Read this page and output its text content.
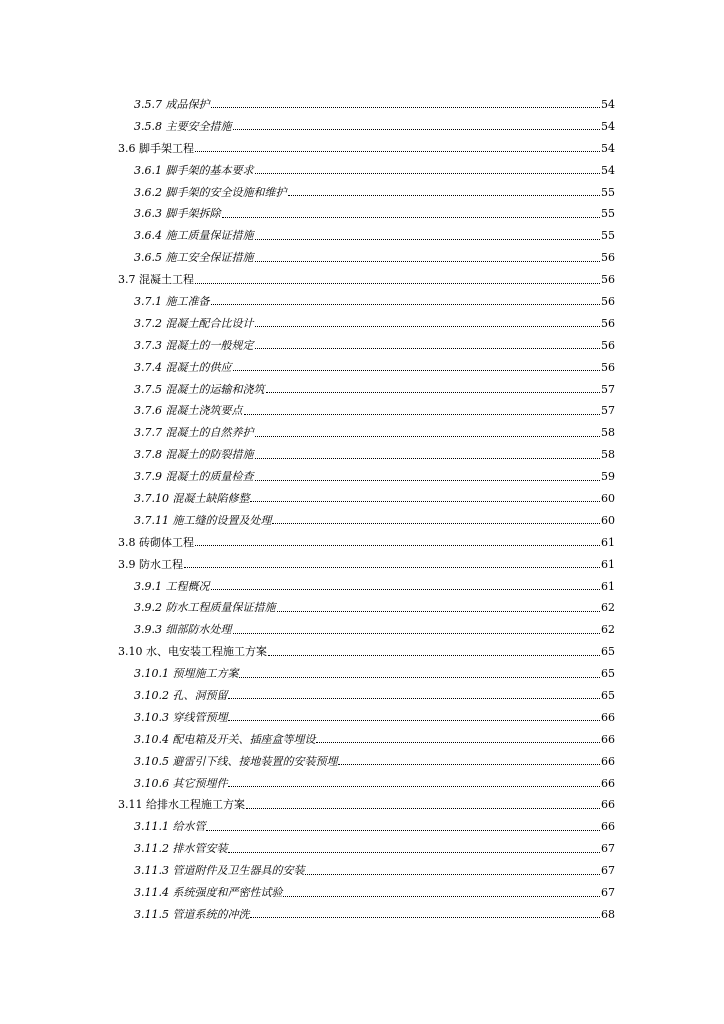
3.5.7 成品保护	54
3.5.8 主要安全措施	54
3.6 脚手架工程	54
3.6.1 脚手架的基本要求	54
3.6.2 脚手架的安全设施和维护	55
3.6.3 脚手架拆除	55
3.6.4 施工质量保证措施	55
3.6.5 施工安全保证措施	56
3.7 混凝土工程	56
3.7.1 施工准备	56
3.7.2 混凝土配合比设计	56
3.7.3 混凝土的一般规定	56
3.7.4 混凝土的供应	56
3.7.5 混凝土的运输和浇筑	57
3.7.6 混凝土浇筑要点	57
3.7.7 混凝土的自然养护	58
3.7.8 混凝土的防裂措施	58
3.7.9 混凝土的质量检查	59
3.7.10 混凝土缺陷修整	60
3.7.11 施工缝的设置及处理	60
3.8 砖砌体工程	61
3.9 防水工程	61
3.9.1 工程概况	61
3.9.2 防水工程质量保证措施	62
3.9.3 细部防水处理	62
3.10 水、电安装工程施工方案	65
3.10.1 预埋施工方案	65
3.10.2 孔、洞预留	65
3.10.3 穿线管预埋	66
3.10.4 配电箱及开关、插座盒等埋设	66
3.10.5 避雷引下线、接地装置的安装预埋	66
3.10.6 其它预埋件	66
3.11 给排水工程施工方案	66
3.11.1 给水管	66
3.11.2 排水管安装	67
3.11.3 管道附件及卫生器具的安装	67
3.11.4 系统强度和严密性试验	67
3.11.5 管道系统的冲洗	68
